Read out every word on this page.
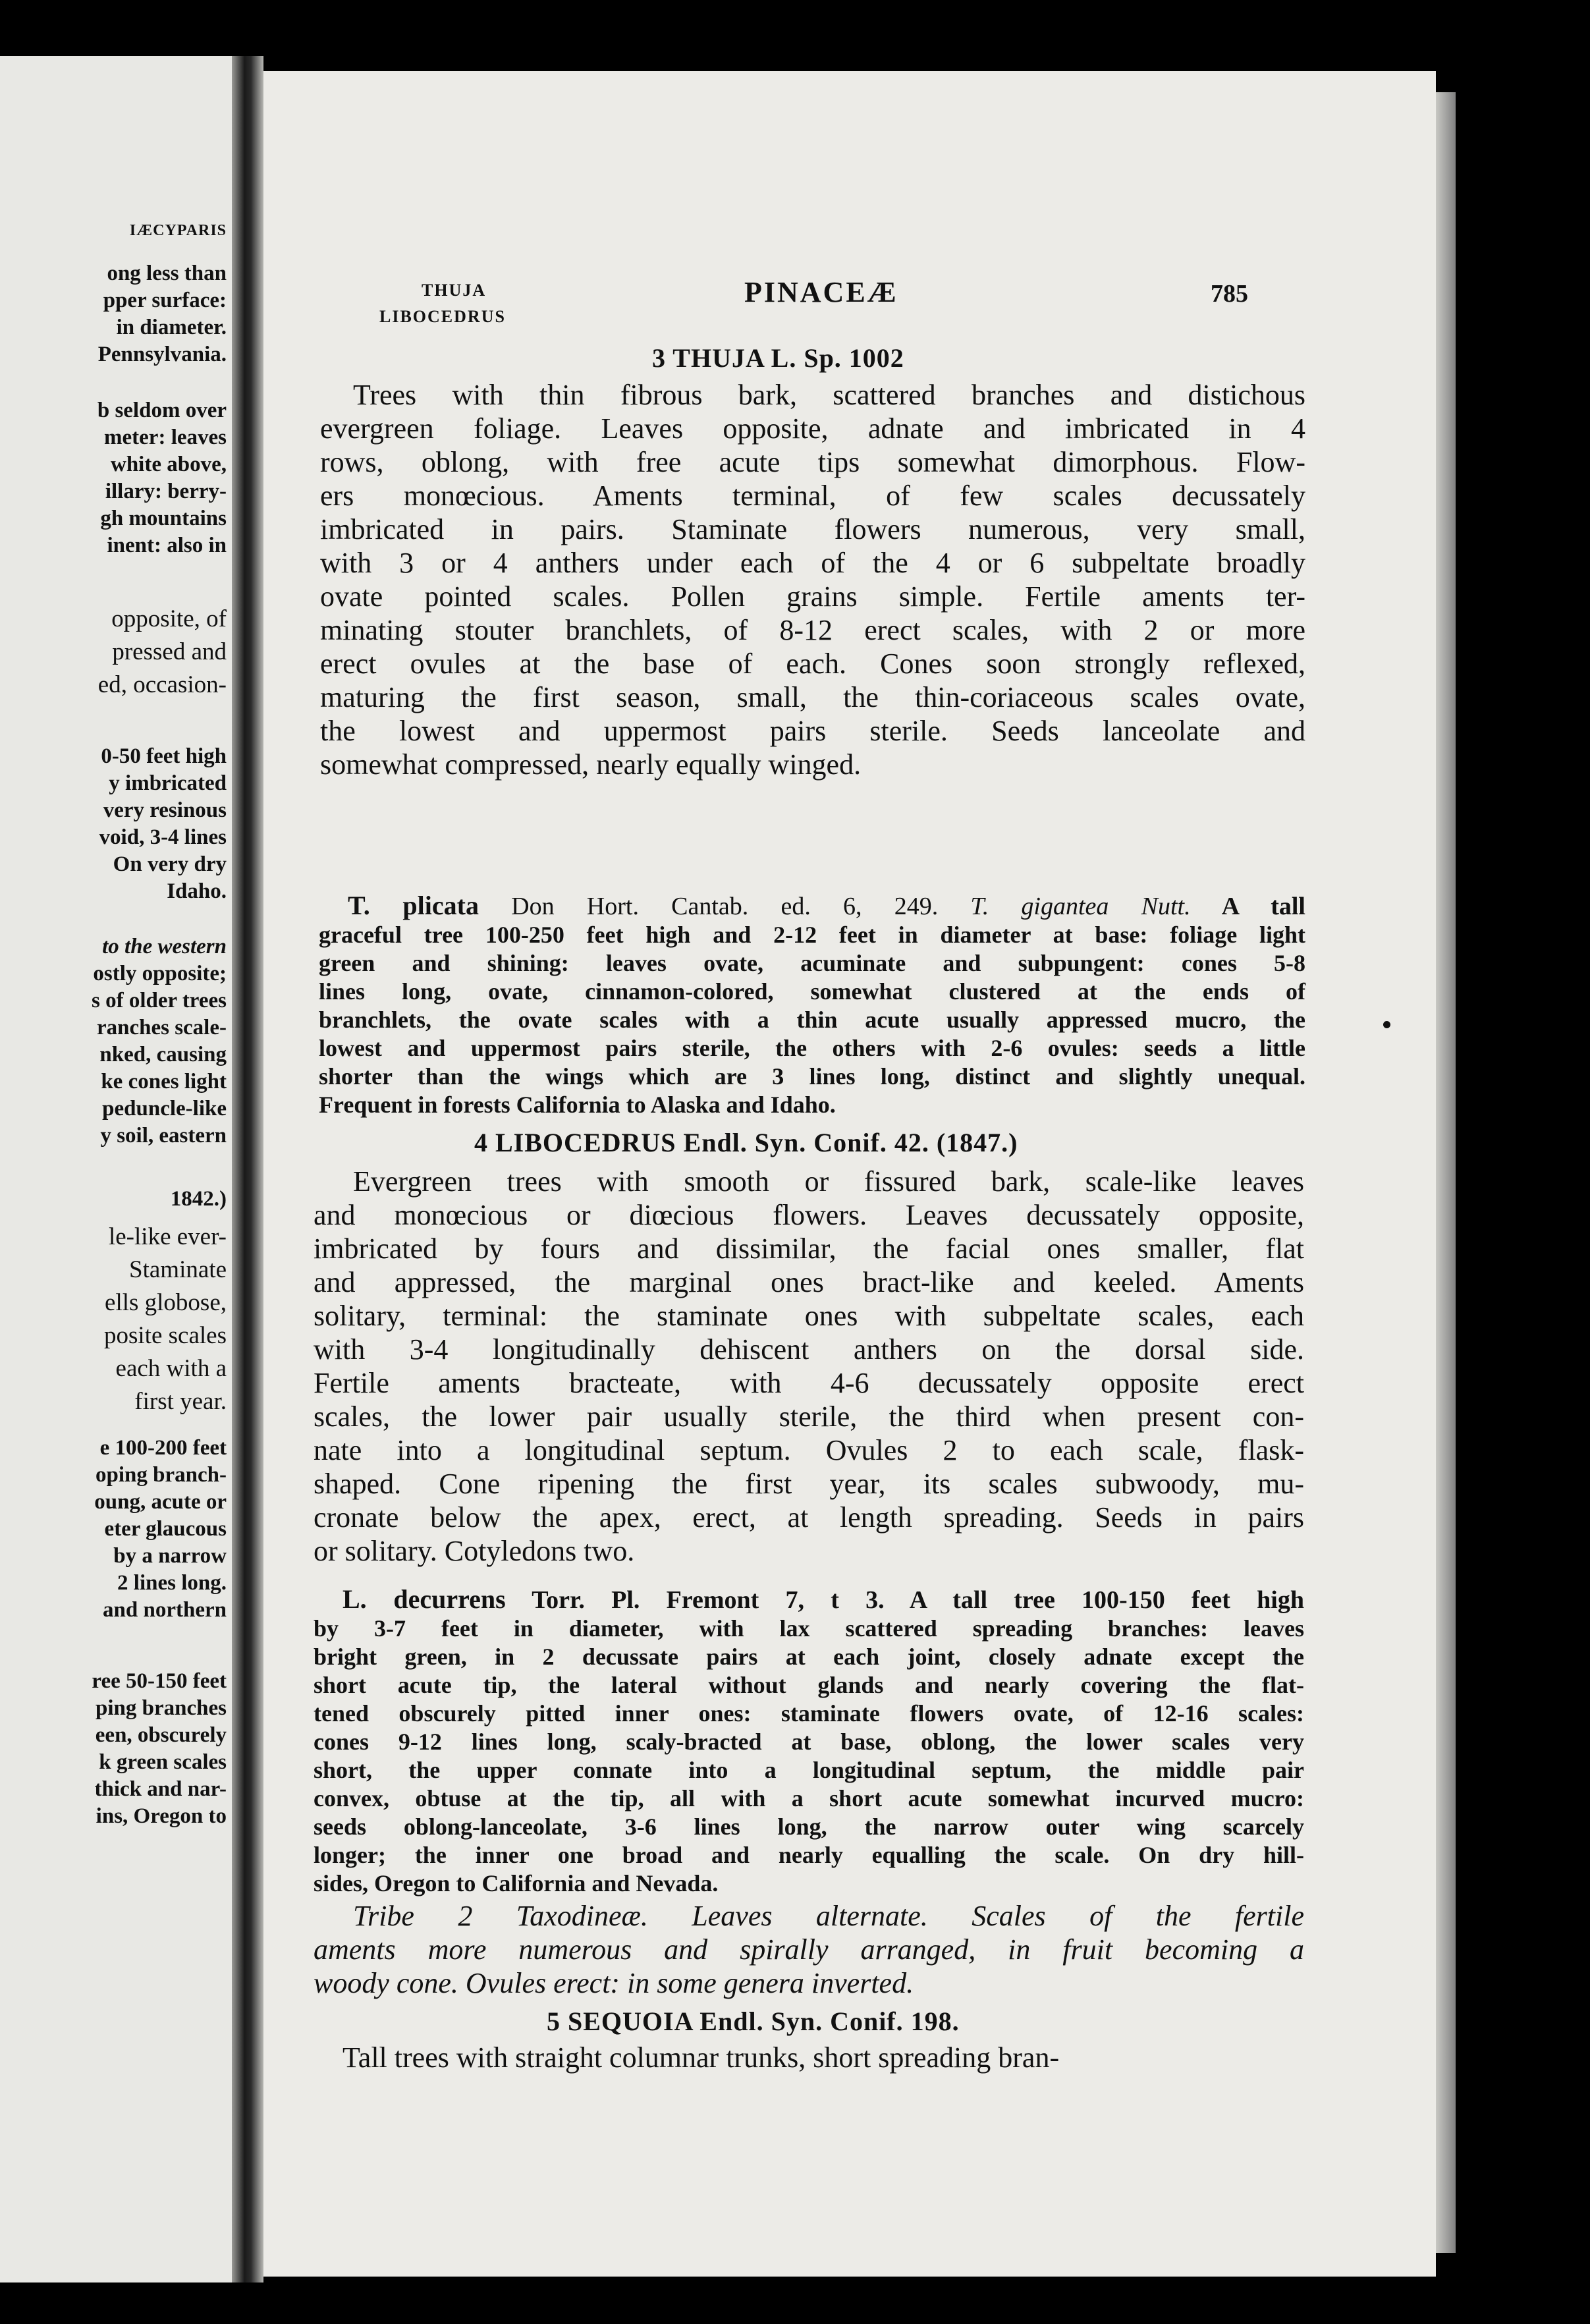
IÆCYPARIS
ong less than
pper surface:
in diameter.
Pennsylvania.
b seldom over
meter: leaves
white above,
illary: berry-
gh mountains
inent: also in
opposite, of
pressed and
ed, occasion-
0-50 feet high
y imbricated
very resinous
void, 3-4 lines
On very dry
Idaho.
to the western
ostly opposite;
s of older trees
ranches scale-
nked, causing
ke cones light
peduncle-like
y soil, eastern
1842.)
le-like ever-
Staminate
ells globose,
posite scales
each with a
first year.
e 100-200 feet
oping branch-
oung, acute or
eter glaucous
by a narrow
2 lines long.
and northern
ree 50-150 feet
ping branches
een, obscurely
k green scales
thick and nar-
ins, Oregon to
THUJA
LIBOCEDRUS
PINACEÆ	785
3 THUJA L. Sp. 1002
Trees with thin fibrous bark, scattered branches and distichous
evergreen foliage. Leaves opposite, adnate and imbricated in 4
rows, oblong, with free acute tips somewhat dimorphous. Flow-
ers monœcious. Aments terminal, of few scales decussately
imbricated in pairs. Staminate flowers numerous, very small,
with 3 or 4 anthers under each of the 4 or 6 subpeltate broadly
ovate pointed scales. Pollen grains simple. Fertile aments ter-
minating stouter branchlets, of 8-12 erect scales, with 2 or more
erect ovules at the base of each. Cones soon strongly reflexed,
maturing the first season, small, the thin-coriaceous scales ovate,
the lowest and uppermost pairs sterile. Seeds lanceolate and
somewhat compressed, nearly equally winged.
T. plicata Don Hort. Cantab. ed. 6, 249. T. gigantea Nutt. A tall
graceful tree 100-250 feet high and 2-12 feet in diameter at base: foliage light
green and shining: leaves ovate, acuminate and subpungent: cones 5-8
lines long, ovate, cinnamon-colored, somewhat clustered at the ends of
branchlets, the ovate scales with a thin acute usually appressed mucro, the
lowest and uppermost pairs sterile, the others with 2-6 ovules: seeds a little
shorter than the wings which are 3 lines long, distinct and slightly unequal.
Frequent in forests California to Alaska and Idaho.
4 LIBOCEDRUS Endl. Syn. Conif. 42. (1847.)
Evergreen trees with smooth or fissured bark, scale-like leaves
and monœcious or diœcious flowers. Leaves decussately opposite,
imbricated by fours and dissimilar, the facial ones smaller, flat
and appressed, the marginal ones bract-like and keeled. Aments
solitary, terminal: the staminate ones with subpeltate scales, each
with 3-4 longitudinally dehiscent anthers on the dorsal side.
Fertile aments bracteate, with 4-6 decussately opposite erect
scales, the lower pair usually sterile, the third when present con-
nate into a longitudinal septum. Ovules 2 to each scale, flask-
shaped. Cone ripening the first year, its scales subwoody, mu-
cronate below the apex, erect, at length spreading. Seeds in pairs
or solitary. Cotyledons two.
L. decurrens Torr. Pl. Fremont 7, t 3. A tall tree 100-150 feet high
by 3-7 feet in diameter, with lax scattered spreading branches: leaves
bright green, in 2 decussate pairs at each joint, closely adnate except the
short acute tip, the lateral without glands and nearly covering the flat-
tened obscurely pitted inner ones: staminate flowers ovate, of 12-16 scales:
cones 9-12 lines long, scaly-bracted at base, oblong, the lower scales very
short, the upper connate into a longitudinal septum, the middle pair
convex, obtuse at the tip, all with a short acute somewhat incurved mucro:
seeds oblong-lanceolate, 3-6 lines long, the narrow outer wing scarcely
longer; the inner one broad and nearly equalling the scale. On dry hill-
sides, Oregon to California and Nevada.
Tribe 2 Taxodineæ. Leaves alternate. Scales of the fertile
aments more numerous and spirally arranged, in fruit becoming a
woody cone. Ovules erect: in some genera inverted.
5 SEQUOIA Endl. Syn. Conif. 198.
Tall trees with straight columnar trunks, short spreading bran-
